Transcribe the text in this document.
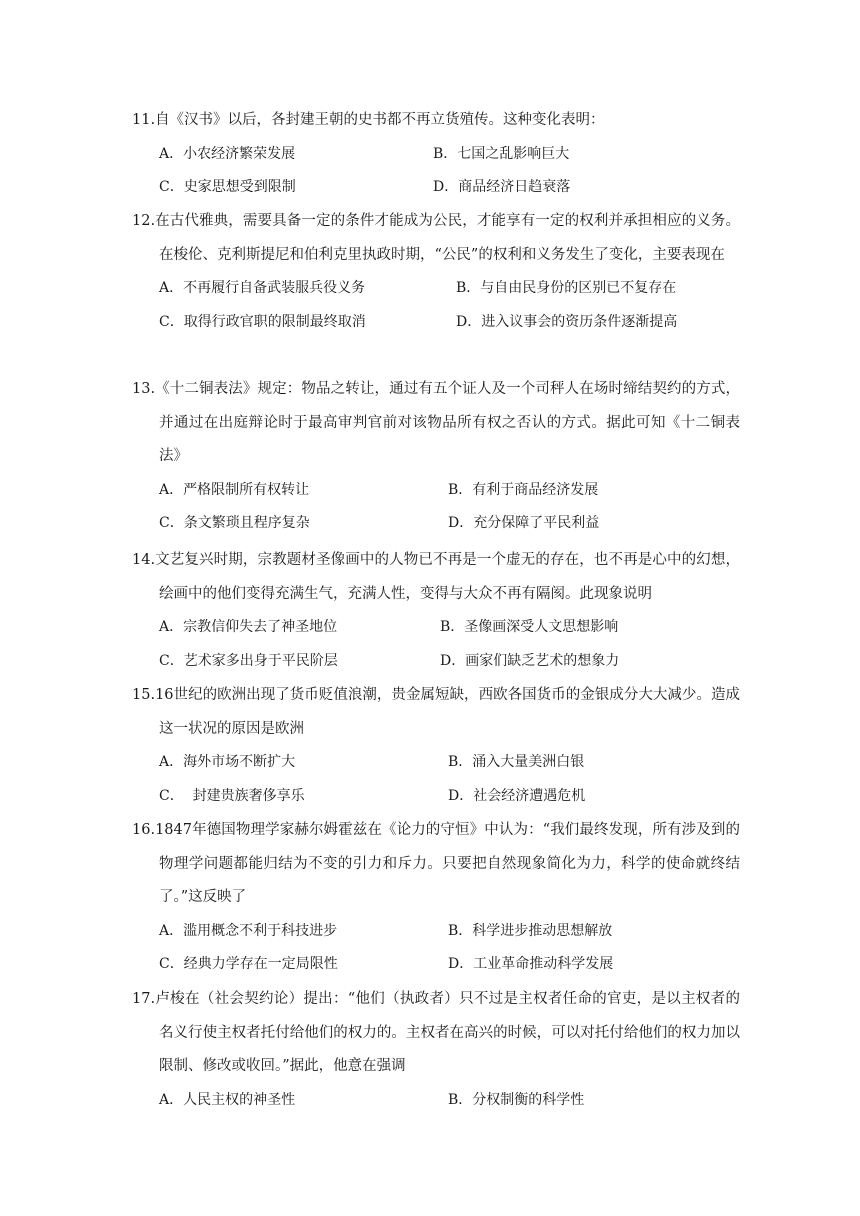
11.自《汉书》以后，各封建王朝的史书都不再立货殖传。这种变化表明：

A．小农经济繁荣发展	B．七国之乱影响巨大
C．史家思想受到限制	D．商品经济日趋衰落

12.在古代雅典，需要具备一定的条件才能成为公民，才能享有一定的权利并承担相应的义务。在梭伦、克利斯提尼和伯利克里执政时期，“公民”的权利和义务发生了变化，主要表现在

A．不再履行自备武装服兵役义务	B．与自由民身份的区别已不复存在
C．取得行政官职的限制最终取消	D．进入议事会的资历条件逐渐提高

13.《十二铜表法》规定：物品之转让，通过有五个证人及一个司秤人在场时缔结契约的方式，并通过在出庭辩论时于最高审判官前对该物品所有权之否认的方式。据此可知《十二铜表法》

A．严格限制所有权转让	B．有利于商品经济发展
C．条文繁琐且程序复杂	D．充分保障了平民利益

14.文艺复兴时期，宗教题材圣像画中的人物已不再是一个虚无的存在，也不再是心中的幻想，绘画中的他们变得充满生气，充满人性，变得与大众不再有隔阂。此现象说明

A．宗教信仰失去了神圣地位	B．圣像画深受人文思想影响
C．艺术家多出身于平民阶层	D．画家们缺乏艺术的想象力

15.16世纪的欧洲出现了货币贬值浪潮，贵金属短缺，西欧各国货币的金银成分大大减少。造成这一状况的原因是欧洲

A．海外市场不断扩大	B．涌入大量美洲白银
C．  封建贵族奢侈享乐	D．社会经济遭遇危机

16.1847年德国物理学家赫尔姆霍兹在《论力的守恒》中认为：“我们最终发现，所有涉及到的物理学问题都能归结为不变的引力和斥力。只要把自然现象简化为力，科学的使命就终结了。”这反映了

A．滥用概念不利于科技进步	B．科学进步推动思想解放
C．经典力学存在一定局限性	D．工业革命推动科学发展

17.卢梭在（社会契约论）提出：“他们（执政者）只不过是主权者任命的官吏，是以主权者的名义行使主权者托付给他们的权力的。主权者在高兴的时候，可以对托付给他们的权力加以限制、修改或收回。”据此，他意在强调

A．人民主权的神圣性	B．分权制衡的科学性
